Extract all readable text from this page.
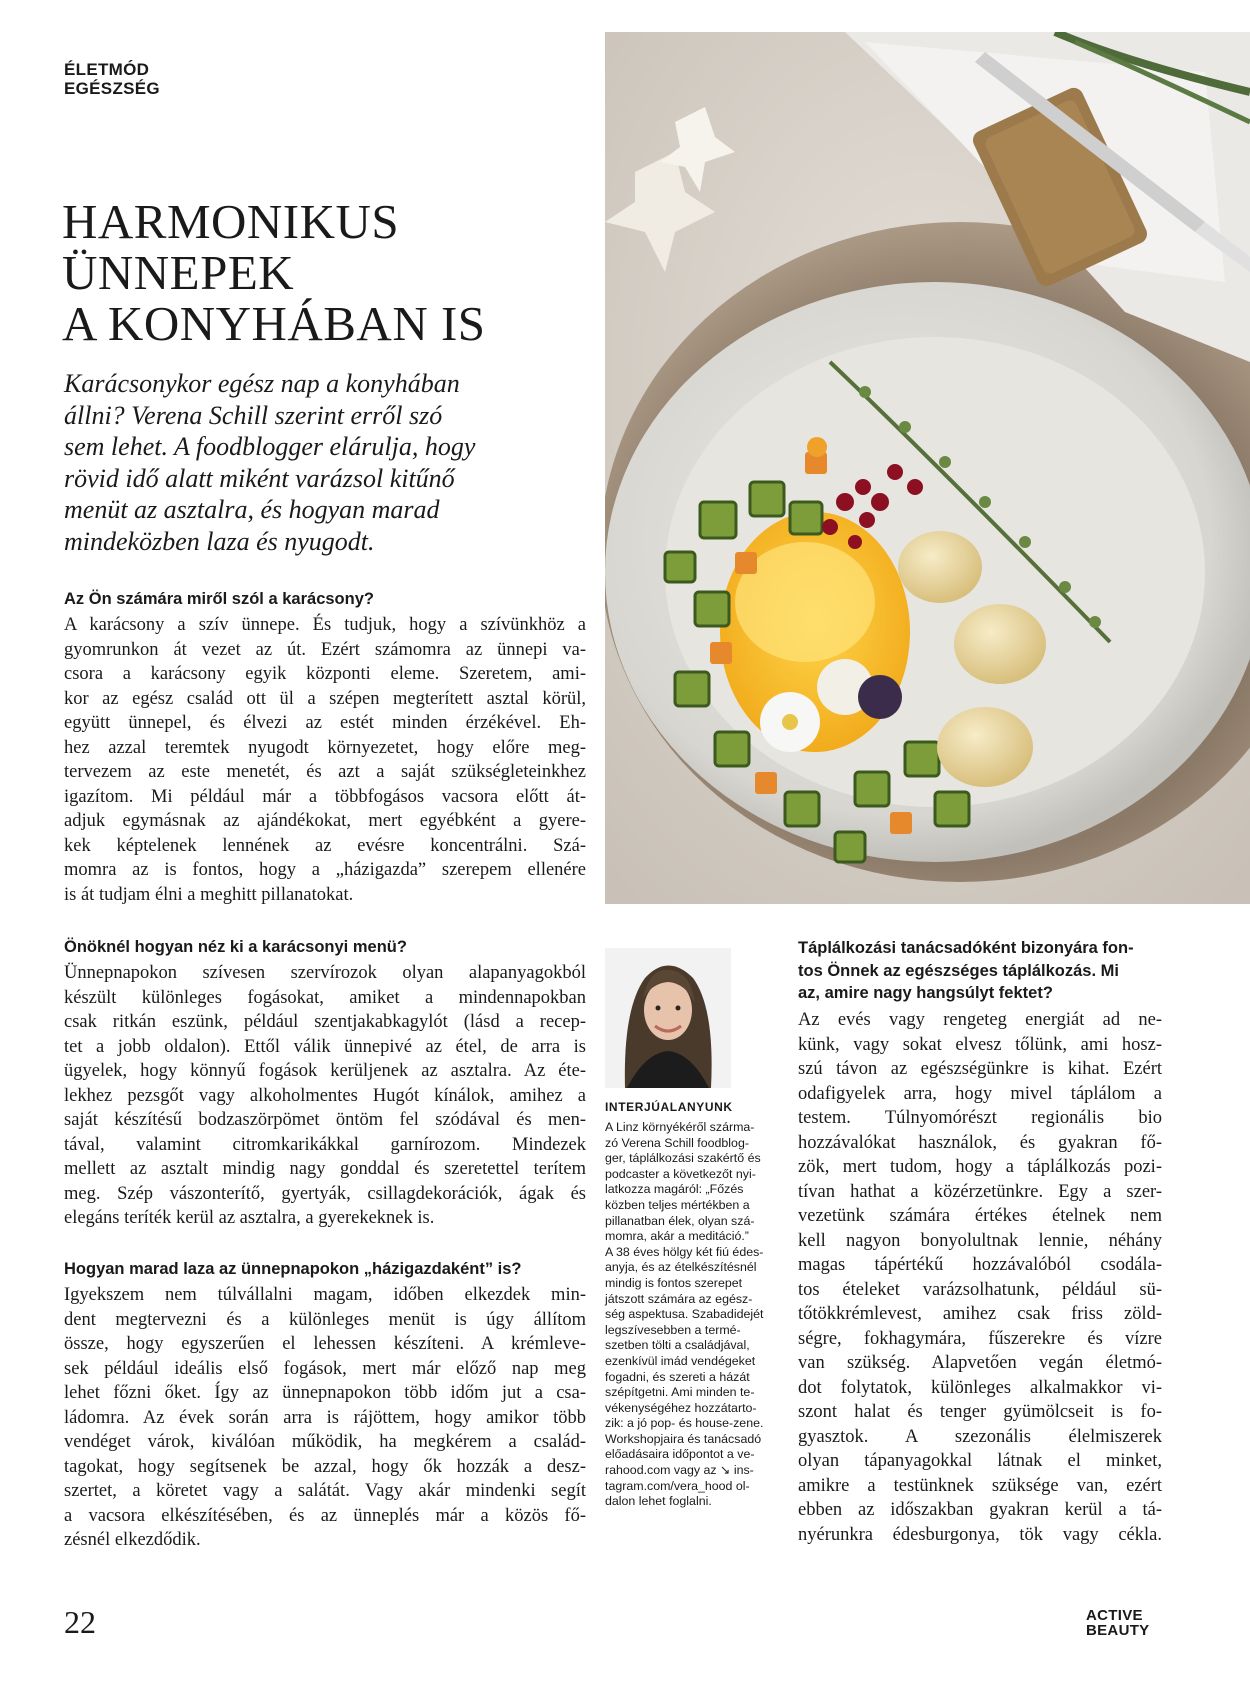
ÉLETMÓD
EGÉSZSÉG
HARMONIKUS
ÜNNEPEK
A KONYHÁBAN IS
Karácsonykor egész nap a konyhában
állni? Verena Schill szerint erről szó
sem lehet. A foodblogger elárulja, hogy
rövid idő alatt miként varázsol kitűnő
menüt az asztalra, és hogyan marad
mindeközben laza és nyugodt.
Az Ön számára miről szól a karácsony?
A karácsony a szív ünnepe. És tudjuk, hogy a szívünkhöz a
gyomrunkon át vezet az út. Ezért számomra az ünnepi va-
csora a karácsony egyik központi eleme. Szeretem, ami-
kor az egész család ott ül a szépen megterített asztal körül,
együtt ünnepel, és élvezi az estét minden érzékével. Eh-
hez azzal teremtek nyugodt környezetet, hogy előre meg-
tervezem az este menetét, és azt a saját szükségleteinkhez
igazítom. Mi például már a többfogásos vacsora előtt át-
adjuk egymásnak az ajándékokat, mert egyébként a gyere-
kek képtelenek lennének az evésre koncentrálni. Szá-
momra az is fontos, hogy a „házigazda” szerepem ellenére
is át tudjam élni a meghitt pillanatokat.
Önöknél hogyan néz ki a karácsonyi menü?
Ünnepnapokon szívesen szervírozok olyan alapanyagokból
készült különleges fogásokat, amiket a mindennapokban
csak ritkán eszünk, például szentjakabkagylót (lásd a recep-
tet a jobb oldalon). Ettől válik ünnepivé az étel, de arra is
ügyelek, hogy könnyű fogások kerüljenek az asztalra. Az éte-
lekhez pezsgőt vagy alkoholmentes Hugót kínálok, amihez a
saját készítésű bodzaszörpömet öntöm fel szódával és men-
tával, valamint citromkarikákkal garnírozom. Mindezek
mellett az asztalt mindig nagy gonddal és szeretettel terítem
meg. Szép vászonterítő, gyertyák, csillagdekorációk, ágak és
elegáns teríték kerül az asztalra, a gyerekeknek is.
Hogyan marad laza az ünnepnapokon „házigazdaként” is?
Igyekszem nem túlvállalni magam, időben elkezdek min-
dent megtervezni és a különleges menüt is úgy állítom
össze, hogy egyszerűen el lehessen készíteni. A krémleve-
sek például ideális első fogások, mert már előző nap meg
lehet főzni őket. Így az ünnepnapokon több időm jut a csa-
ládomra. Az évek során arra is rájöttem, hogy amikor több
vendéget várok, kiválóan működik, ha megkérem a család-
tagokat, hogy segítsenek be azzal, hogy ők hozzák a desz-
szertet, a köretet vagy a salátát. Vagy akár mindenki segít
a vacsora elkészítésében, és az ünneplés már a közös fő-
zésnél elkezdődik.
INTERJÚALANYUNK
A Linz környékéről szárma-
zó Verena Schill foodblog-
ger, táplálkozási szakértő és
podcaster a következőt nyi-
latkozza magáról: „Főzés
közben teljes mértékben a
pillanatban élek, olyan szá-
momra, akár a meditáció.”
A 38 éves hölgy két fiú édes-
anyja, és az ételkészítésnél
mindig is fontos szerepet
játszott számára az egész-
ség aspektusa. Szabadidejét
legszívesebben a termé-
szetben tölti a családjával,
ezenkívül imád vendégeket
fogadni, és szereti a házát
szépítgetni. Ami minden te-
vékenységéhez hozzátarto-
zik: a jó pop- és house-zene.
Workshopjaira és tanácsadó
előadásaira időpontot a ve-
rahood.com vagy az ↘ ins-
tagram.com/vera_hood ol-
dalon lehet foglalni.
Táplálkozási tanácsadóként bizonyára fon-
tos Önnek az egészséges táplálkozás. Mi
az, amire nagy hangsúlyt fektet?
Az evés vagy rengeteg energiát ad ne-
künk, vagy sokat elvesz tőlünk, ami hosz-
szú távon az egészségünkre is kihat. Ezért
odafigyelek arra, hogy mivel táplálom a
testem. Túlnyomórészt regionális bio
hozzávalókat használok, és gyakran fő-
zök, mert tudom, hogy a táplálkozás pozi-
tívan hathat a közérzetünkre. Egy a szer-
vezetünk számára értékes ételnek nem
kell nagyon bonyolultnak lennie, néhány
magas tápértékű hozzávalóból csodála-
tos ételeket varázsolhatunk, például sü-
tőtökkrémlevest, amihez csak friss zöld-
ségre, fokhagymára, fűszerekre és vízre
van szükség. Alapvetően vegán életmó-
dot folytatok, különleges alkalmakkor vi-
szont halat és tenger gyümölcseit is fo-
gyasztok. A szezonális élelmiszerek
olyan tápanyagokkal látnak el minket,
amikre a testünknek szüksége van, ezért
ebben az időszakban gyakran kerül a tá-
nyérunkra édesburgonya, tök vagy cékla.
22	ACTIVE
BEAUTY
